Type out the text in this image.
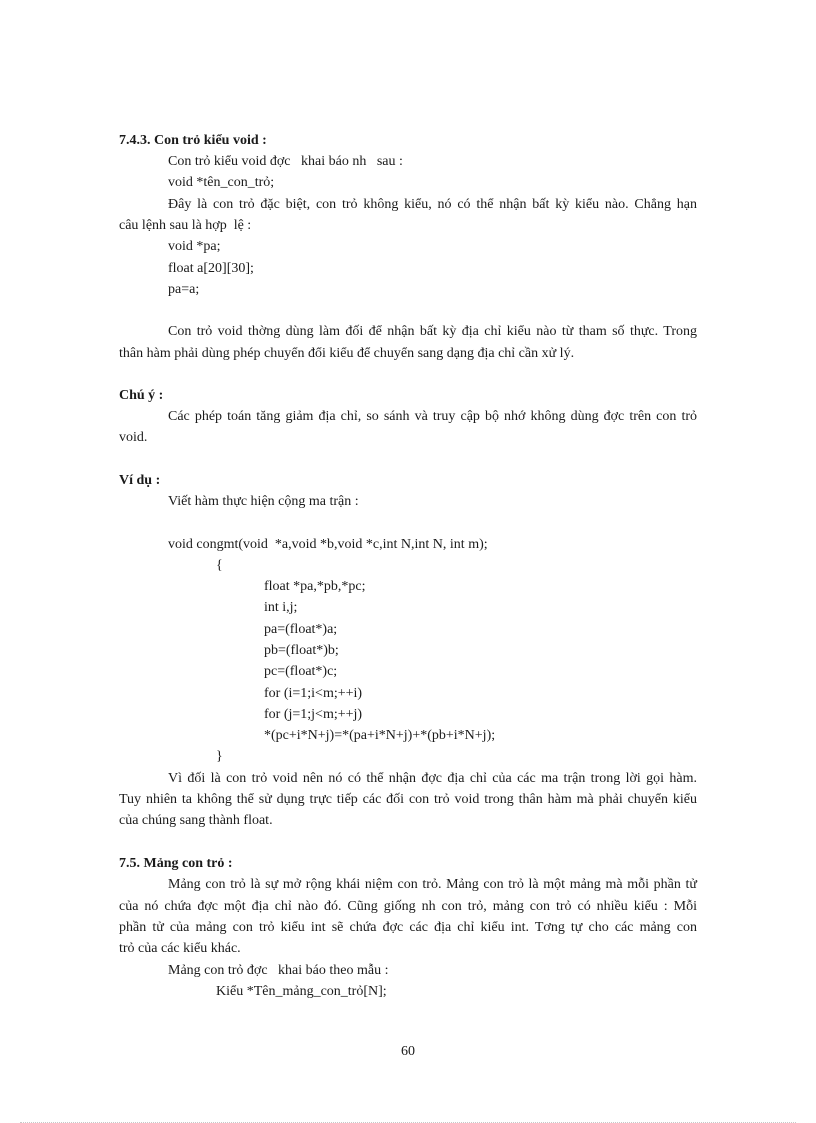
7.4.3. Con trỏ kiểu void :
Con trỏ kiểu void đợc   khai báo nh   sau :
void *tên_con_trỏ;
Đây là con trỏ đặc biệt, con trỏ không kiểu, nó có thể nhận bất kỳ kiểu nào. Chẳng hạn
câu lệnh sau là hợp  lệ :
void *pa;
float a[20][30];
pa=a;
Con trỏ void thờng dùng làm đối để nhận bất kỳ địa chỉ kiểu nào từ tham số thực. Trong
thân hàm phải dùng phép chuyển đổi kiểu để chuyển sang dạng địa chỉ cần xử lý.
Chú ý :
Các phép toán tăng giảm địa chỉ, so sánh và truy cập bộ nhớ không dùng đợc trên con trỏ
void.
Ví dụ :
Viết hàm thực hiện cộng ma trận :
void congmt(void  *a,void *b,void *c,int N,int N, int m);
{
float *pa,*pb,*pc;
int i,j;
pa=(float*)a;
pb=(float*)b;
pc=(float*)c;
for (i=1;i<m;++i)
for (j=1;j<m;++j)
*(pc+i*N+j)=*(pa+i*N+j)+*(pb+i*N+j);
}
Vì đối là con trỏ void nên nó có thể nhận đợc địa chỉ của các ma trận trong lời gọi hàm.
Tuy nhiên ta không thể sử dụng trực tiếp các đối con trỏ void trong thân hàm mà phải chuyển kiểu
của chúng sang thành float.
7.5. Mảng con trỏ :
Mảng con trỏ là sự mở rộng khái niệm con trỏ. Mảng con trỏ là một mảng mà mỗi phần tử
của nó chứa đợc một địa chỉ nào đó. Cũng giống nh con trỏ, mảng con trỏ có nhiều kiểu : Mỗi
phần tử của mảng con trỏ kiểu int sẽ chứa đợc các địa chỉ kiểu int. Tơng tự cho các mảng con
trỏ của các kiểu khác.
Mảng con trỏ đợc   khai báo theo mẫu :
Kiểu *Tên_mảng_con_trỏ[N];
60
